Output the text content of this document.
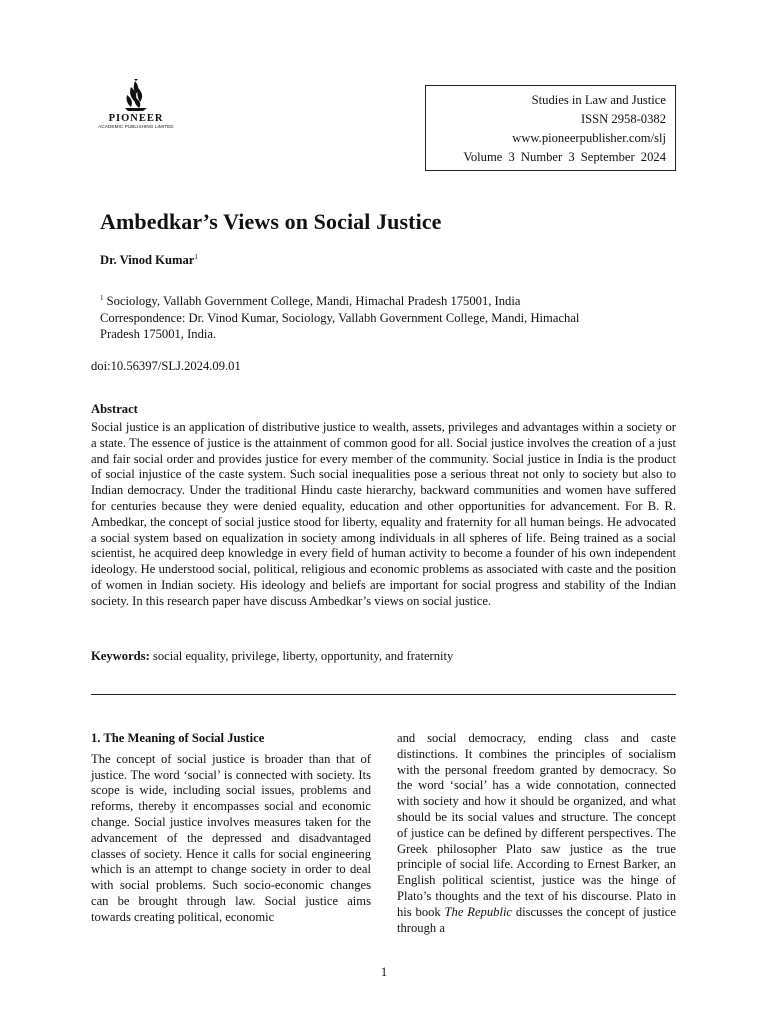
PIONEER
ACADEMIC PUBLISHING LIMITED
Studies in Law and Justice
ISSN 2958-0382
www.pioneerpublisher.com/slj
Volume 3 Number 3 September 2024
Ambedkar’s Views on Social Justice
Dr. Vinod Kumar$^1$
$^1$ Sociology, Vallabh Government College, Mandi, Himachal Pradesh 175001, India
Correspondence: Dr. Vinod Kumar, Sociology, Vallabh Government College, Mandi, Himachal
Pradesh 175001, India.
doi:10.56397/SLJ.2024.09.01
Abstract

Social justice is an application of distributive justice to wealth, assets, privileges and advantages within a society or a state. The essence of justice is the attainment of common good for all. Social justice involves the creation of a just and fair social order and provides justice for every member of the community. Social justice in India is the product of social injustice of the caste system. Such social inequalities pose a serious threat not only to society but also to Indian democracy. Under the traditional Hindu caste hierarchy, backward communities and women have suffered for centuries because they were denied equality, education and other opportunities for advancement. For B. R. Ambedkar, the concept of social justice stood for liberty, equality and fraternity for all human beings. He advocated a social system based on equalization in society among individuals in all spheres of life. Being trained as a social scientist, he acquired deep knowledge in every field of human activity to become a founder of his own independent ideology. He understood social, political, religious and economic problems as associated with caste and the position of women in Indian society. His ideology and beliefs are important for social progress and stability of the Indian society. In this research paper have discuss Ambedkar’s views on social justice.

Keywords: social equality, privilege, liberty, opportunity, and fraternity
1. The Meaning of Social Justice

The concept of social justice is broader than that of justice. The word ‘social’ is connected with society. Its scope is wide, including social issues, problems and reforms, thereby it encompasses social and economic change. Social justice involves measures taken for the advancement of the depressed and disadvantaged classes of society. Hence it calls for social engineering which is an attempt to change society in order to deal with social problems. Such socio-economic changes can be brought through law. Social justice aims towards creating political, economic

and social democracy, ending class and caste distinctions. It combines the principles of socialism with the personal freedom granted by democracy. So the word ‘social’ has a wide connotation, connected with society and how it should be organized, and what should be its social values and structure. The concept of justice can be defined by different perspectives. The Greek philosopher Plato saw justice as the true principle of social life. According to Ernest Barker, an English political scientist, justice was the hinge of Plato’s thoughts and the text of his discourse. Plato in his book The Republic discusses the concept of justice through a

1
